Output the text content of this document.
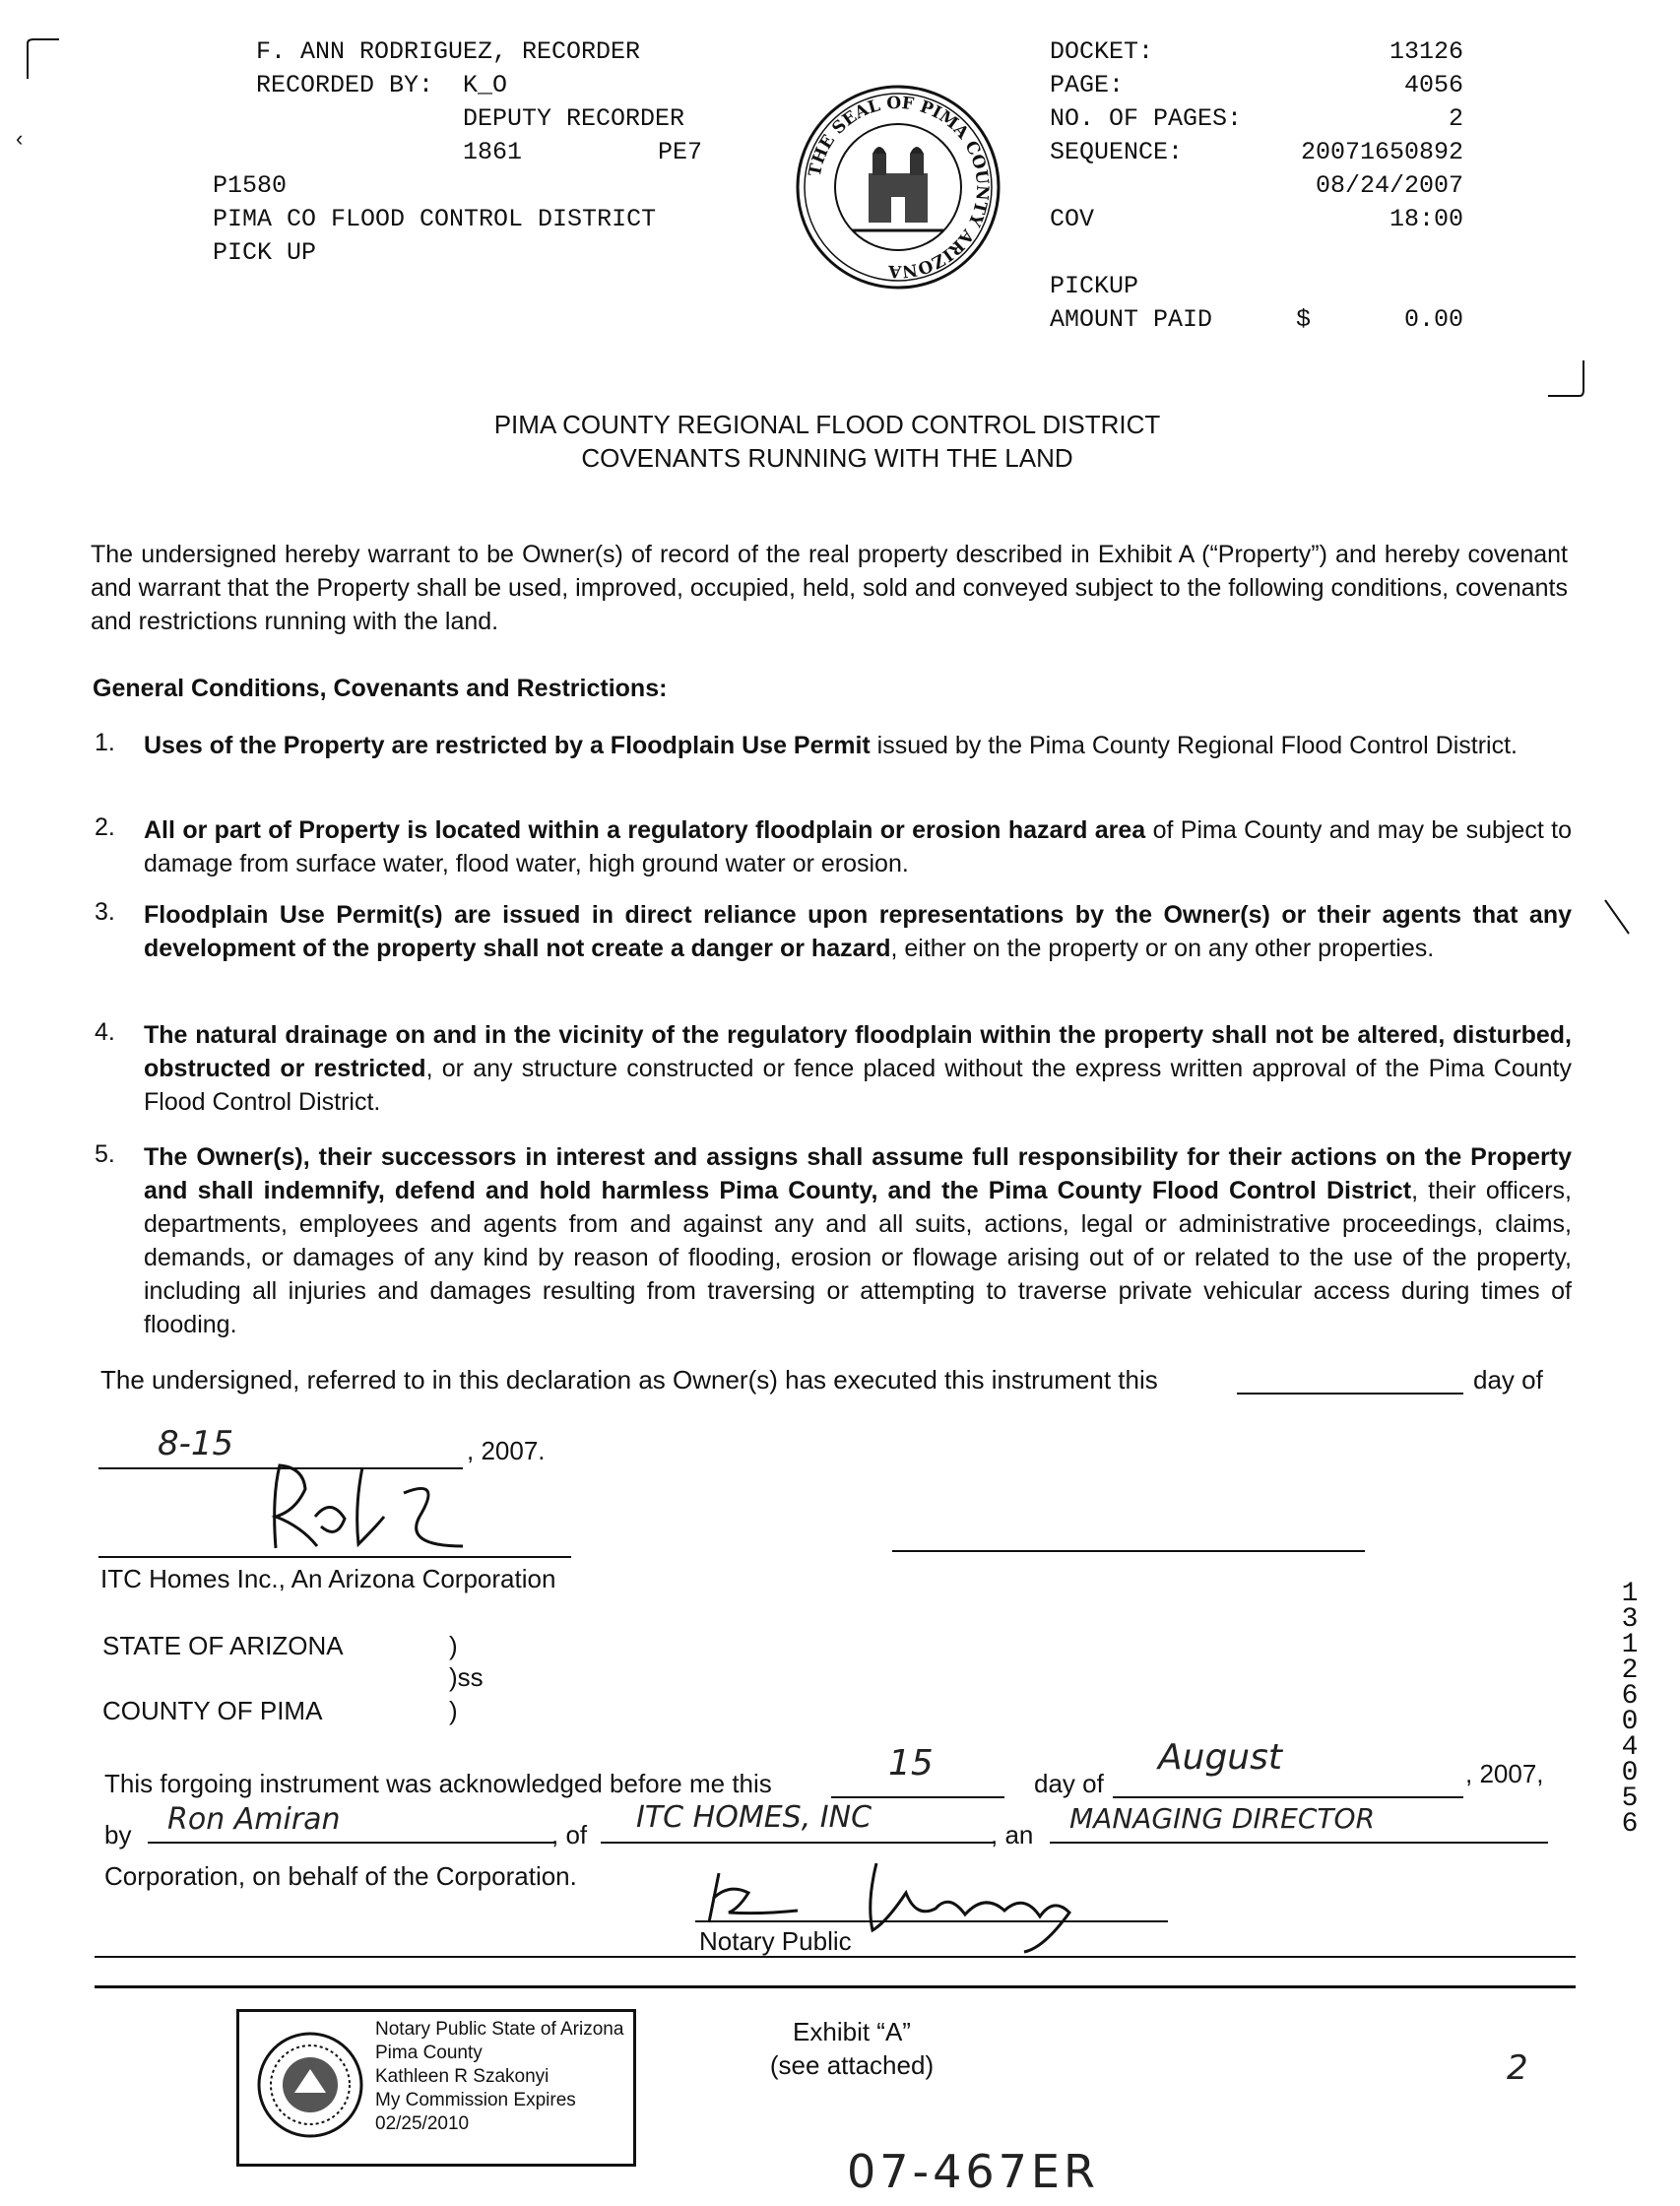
‹
F. ANN RODRIGUEZ, RECORDER
RECORDED BY: K_O
DEPUTY RECORDER
1861	PE7
P1580
PIMA CO FLOOD CONTROL DISTRICT
PICK UP
THE SEAL OF PIMA COUNTY ARIZONA
DOCKET:	13126
PAGE:	4056
NO. OF PAGES:	2
SEQUENCE:	20071650892
08/24/2007
COV	18:00
PICKUP
AMOUNT PAID	$	0.00
PIMA COUNTY REGIONAL FLOOD CONTROL DISTRICT
COVENANTS RUNNING WITH THE LAND
The undersigned hereby warrant to be Owner(s) of record of the real property described in Exhibit A (“Property”) and hereby covenant and warrant that the Property shall be used, improved, occupied, held, sold and conveyed subject to the following conditions, covenants and restrictions running with the land.
General Conditions, Covenants and Restrictions:
1. Uses of the Property are restricted by a Floodplain Use Permit issued by the Pima County Regional Flood Control District.
2. All or part of Property is located within a regulatory floodplain or erosion hazard area of Pima County and may be subject to damage from surface water, flood water, high ground water or erosion.
3. Floodplain Use Permit(s) are issued in direct reliance upon representations by the Owner(s) or their agents that any development of the property shall not create a danger or hazard, either on the property or on any other properties.
4. The natural drainage on and in the vicinity of the regulatory floodplain within the property shall not be altered, disturbed, obstructed or restricted, or any structure constructed or fence placed without the express written approval of the Pima County Flood Control District.
5. The Owner(s), their successors in interest and assigns shall assume full responsibility for their actions on the Property and shall indemnify, defend and hold harmless Pima County, and the Pima County Flood Control District, their officers, departments, employees and agents from and against any and all suits, actions, legal or administrative proceedings, claims, demands, or damages of any kind by reason of flooding, erosion or flowage arising out of or related to the use of the property, including all injuries and damages resulting from traversing or attempting to traverse private vehicular access during times of flooding.
The undersigned, referred to in this declaration as Owner(s) has executed this instrument this	day of
8-15	, 2007.
ITC Homes Inc., An Arizona Corporation
STATE OF ARIZONA	)
)ss
COUNTY OF PIMA	)
This forgoing instrument was acknowledged before me this	15	day of
August	, 2007,
by Ron Amiran	, of ITC HOMES, INC	, an MANAGING DIRECTOR
Corporation, on behalf of the Corporation.
Notary Public
Notary Public State of Arizona
Pima County
Kathleen R Szakonyi
My Commission Expires
02/25/2010
Exhibit “A”
(see attached)
13126 04056
2
07-467ER
